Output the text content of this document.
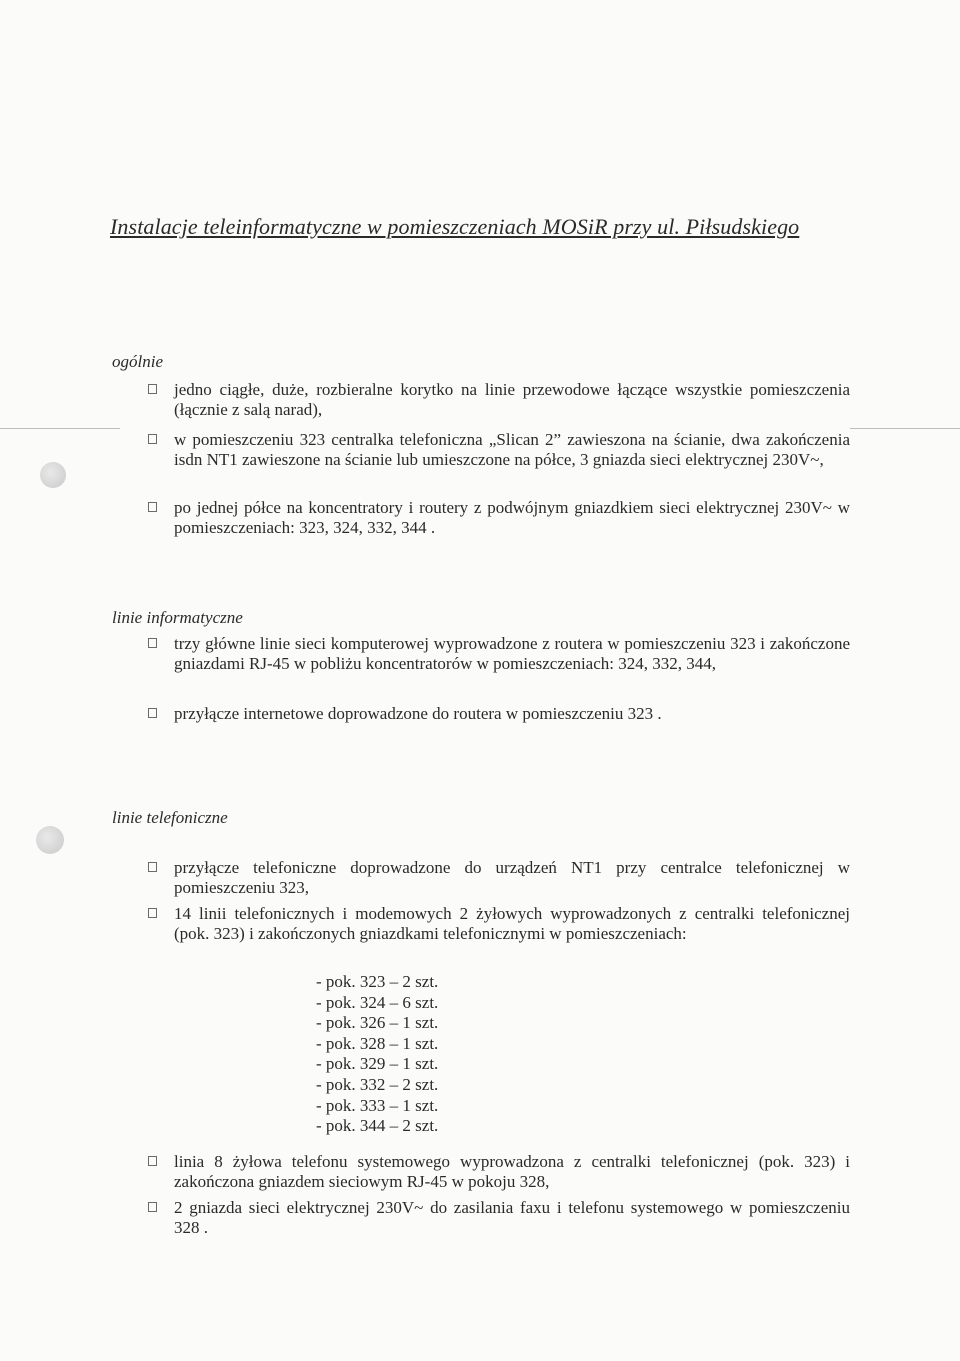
Instalacje teleinformatyczne w pomieszczeniach MOSiR przy ul. Piłsudskiego
ogólnie
jedno ciągłe, duże, rozbieralne korytko na linie przewodowe łączące wszystkie pomieszczenia (łącznie z salą narad),
w pomieszczeniu 323 centralka telefoniczna „Slican 2” zawieszona na ścianie, dwa zakończenia isdn NT1 zawieszone na ścianie lub umieszczone na półce, 3 gniazda sieci elektrycznej 230V~,
po jednej półce na koncentratory i routery z podwójnym gniazdkiem sieci elektrycznej 230V~ w pomieszczeniach: 323, 324, 332, 344 .
linie informatyczne
trzy główne linie sieci komputerowej wyprowadzone z routera w pomieszczeniu 323 i zakończone gniazdami RJ-45 w pobliżu koncentratorów w pomieszczeniach: 324, 332, 344,
przyłącze internetowe doprowadzone do routera w pomieszczeniu 323 .
linie telefoniczne
przyłącze telefoniczne doprowadzone do urządzeń NT1 przy centralce telefonicznej w pomieszczeniu 323,
14 linii telefonicznych i modemowych 2 żyłowych wyprowadzonych z centralki telefonicznej (pok. 323) i zakończonych gniazdkami telefonicznymi w pomieszczeniach:
- pok. 323 – 2 szt.
- pok. 324 – 6 szt.
- pok. 326 – 1 szt.
- pok. 328 – 1 szt.
- pok. 329 – 1 szt.
- pok. 332 – 2 szt.
- pok. 333 – 1 szt.
- pok. 344 – 2 szt.
linia 8 żyłowa telefonu systemowego wyprowadzona z centralki telefonicznej (pok. 323) i zakończona gniazdem sieciowym RJ-45 w pokoju 328,
2 gniazda sieci elektrycznej 230V~ do zasilania faxu i telefonu systemowego w pomieszczeniu 328 .
